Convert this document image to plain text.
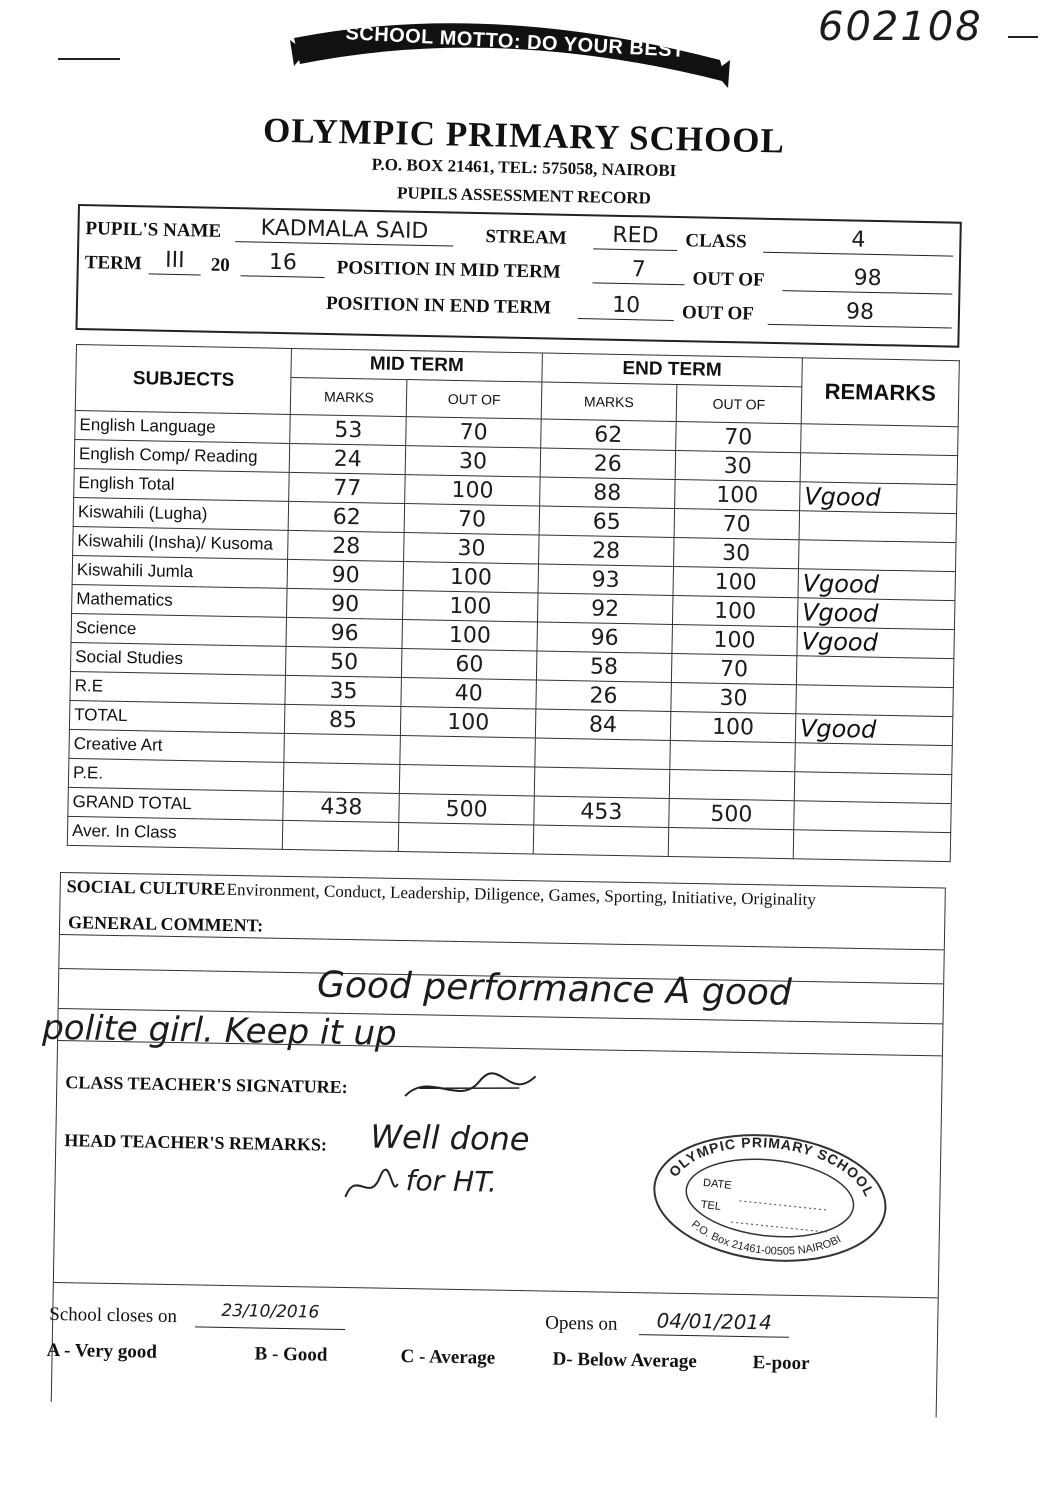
602108
SCHOOL MOTTO: DO YOUR BEST ALWAYS
OLYMPIC PRIMARY SCHOOL
P.O. BOX 21461, TEL: 575058, NAIROBI
PUPILS ASSESSMENT RECORD
PUPIL'S NAME	KADMALA SAID	STREAM	RED	CLASS	4
TERM	III	20	16	POSITION IN MID TERM	7	OUT OF	98
POSITION IN END TERM	10	OUT OF	98
SUBJECTS	MID TERM		END TERM		REMARKS
	MARKS	OUT OF	MARKS	OUT OF	
English Language	53	70	62	70	
English Comp/ Reading	24	30	26	30	
English Total	77	100	88	100	Vgood
Kiswahili (Lugha)	62	70	65	70	
Kiswahili (Insha)/ Kusoma	28	30	28	30	
Kiswahili Jumla	90	100	93	100	Vgood
Mathematics	90	100	92	100	Vgood
Science	96	100	96	100	Vgood
Social Studies	50	60	58	70	
R.E	35	40	26	30	
TOTAL	85	100	84	100	Vgood
Creative Art					
P.E.					
GRAND TOTAL	438	500	453	500	
Aver. In Class					
SOCIAL CULTURE Environment, Conduct, Leadership, Diligence, Games, Sporting, Initiative, Originality
GENERAL COMMENT:
Good performance A good
polite girl. Keep it up
CLASS TEACHER'S SIGNATURE:
HEAD TEACHER'S REMARKS: Well done
for HT.
School closes on	23/10/2016
Opens on	04/01/2014
A - Very good	B - Good	C - Average	D- Below Average	E-poor
OLYMPIC PRIMARY SCHOOL
P.O. Box 21461-00505 NAIROBI
DATE
TEL
